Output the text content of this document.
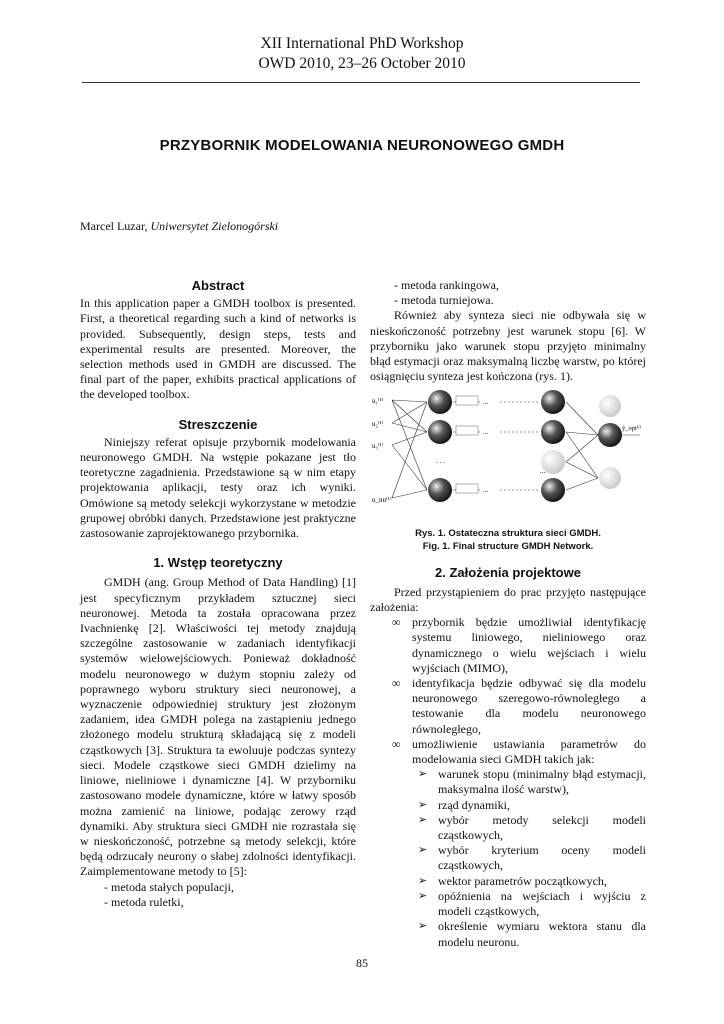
XII International PhD Workshop
OWD 2010, 23–26 October 2010
PRZYBORNIK MODELOWANIA NEURONOWEGO GMDH
Marcel Luzar, Uniwersytet Zielonogórski
Abstract

In this application paper a GMDH toolbox is presented. First, a theoretical regarding such a kind of networks is provided. Subsequently, design steps, tests and experimental results are presented. Moreover, the selection methods used in GMDH are discussed. The final part of the paper, exhibits practical applications of the developed toolbox.

Streszczenie

Niniejszy referat opisuje przybornik modelowania neuronowego GMDH. Na wstępie pokazane jest tło teoretyczne zagadnienia. Przedstawione są w nim etapy projektowania aplikacji, testy oraz ich wyniki. Omówione są metody selekcji wykorzystane w metodzie grupowej obróbki danych. Przedstawione jest praktyczne zastosowanie zaprojektowanego przybornika.

1. Wstęp teoretyczny

GMDH (ang. Group Method of Data Handling) [1] jest specyficznym przykładem sztucznej sieci neuronowej. Metoda ta została opracowana przez Ivachnienkę [2]. Właściwości tej metody znajdują szczególne zastosowanie w zadaniach identyfikacji systemów wielowejściowych. Ponieważ dokładność modelu neuronowego w dużym stopniu zależy od poprawnego wyboru struktury sieci neuronowej, a wyznaczenie odpowiedniej struktury jest złożonym zadaniem, idea GMDH polega na zastąpieniu jednego złożonego modelu strukturą składającą się z modeli cząstkowych [3]. Struktura ta ewoluuje podczas syntezy sieci. Modele cząstkowe sieci GMDH dzielimy na liniowe, nieliniowe i dynamiczne [4]. W przyborniku zastosowano modele dynamiczne, które w łatwy sposób można zamienić na liniowe, podając zerowy rząd dynamiki. Aby struktura sieci GMDH nie rozrastała się w nieskończoność, potrzebne są metody selekcji, które będą odrzucały neurony o słabej zdolności identyfikacji. Zaimplementowane metody to [5]:

- metoda stałych populacji,
- metoda ruletki,
- metoda rankingowa,
- metoda turniejowa.

Również aby synteza sieci nie odbywała się w nieskończoność potrzebny jest warunek stopu [6]. W przyborniku jako warunek stopu przyjęto minimalny błąd estymacji oraz maksymalną liczbę warstw, po której osiągnięciu synteza jest kończona (rys. 1).

u₁⁽¹⁾
u₂⁽¹⁾
u₃⁽¹⁾
u_nu⁽¹⁾
...
...
...
. . .
...
ŷ_opt⁽ˡ⁾
Rys. 1. Ostateczna struktura sieci GMDH.
Fig. 1. Final structure GMDH Network.
2. Założenia projektowe

Przed przystąpieniem do prac przyjęto następujące założenia:

∞ przybornik będzie umożliwiał identyfikację systemu liniowego, nieliniowego oraz dynamicznego o wielu wejściach i wielu wyjściach (MIMO),
∞ identyfikacja będzie odbywać się dla modelu neuronowego szeregowo-równoległego a testowanie dla modelu neuronowego równoległego,
∞ umożliwienie ustawiania parametrów do modelowania sieci GMDH takich jak:
➢ warunek stopu (minimalny błąd estymacji, maksymalna ilość warstw),
➢ rząd dynamiki,
➢ wybór metody selekcji modeli cząstkowych,
➢ wybór kryterium oceny modeli cząstkowych,
➢ wektor parametrów początkowych,
➢ opóźnienia na wejściach i wyjściu z modeli cząstkowych,
➢ określenie wymiaru wektora stanu dla modelu neuronu.
85
